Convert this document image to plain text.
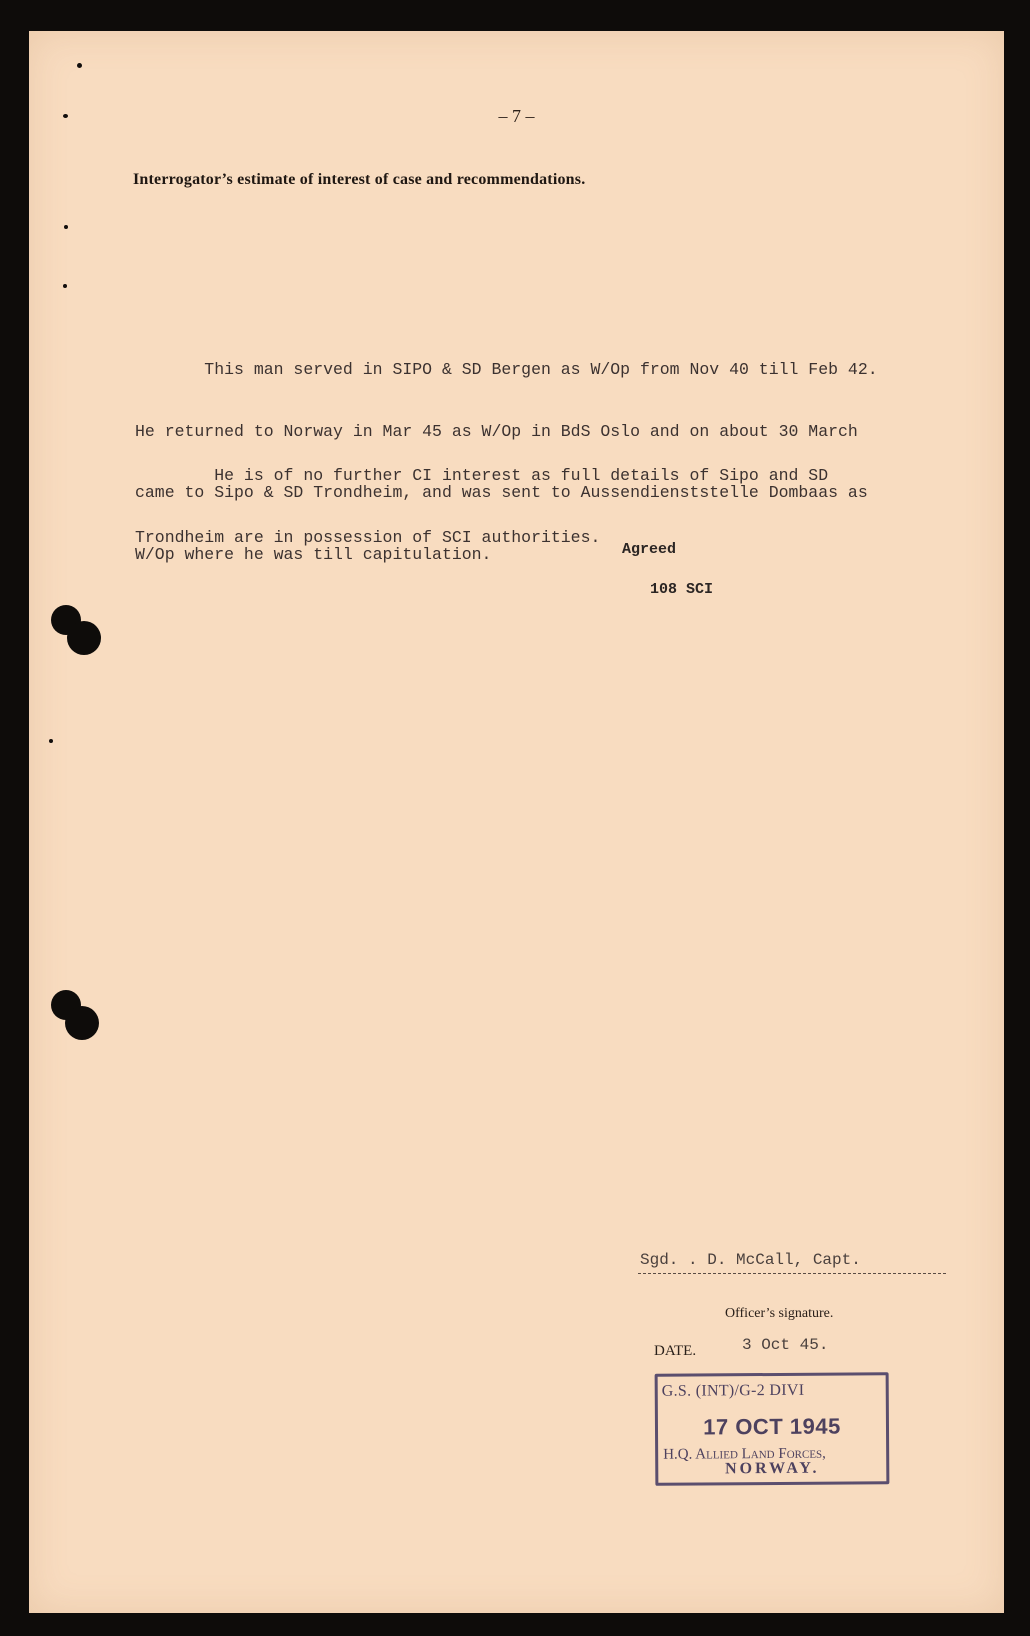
– 7 –
Interrogator’s estimate of interest of case and recommendations.

This man served in SIPO & SD Bergen as W/Op from Nov 40 till Feb 42.

He returned to Norway in Mar 45 as W/Op in BdS Oslo and on about 30 March

came to Sipo & SD Trondheim, and was sent to Aussendienststelle Dombaas as

W/Op where he was till capitulation.

He is of no further CI interest as full details of Sipo and SD

Trondheim are in possession of SCI authorities.

Agreed

108 SCI

Sgd. . D. McCall, Capt.
Officer’s signature.
DATE.	3 Oct 45.
G.S. (INT)/G-2 DIVI
17 OCT 1945
H.Q. Allied Land Forces,
NORWAY.
